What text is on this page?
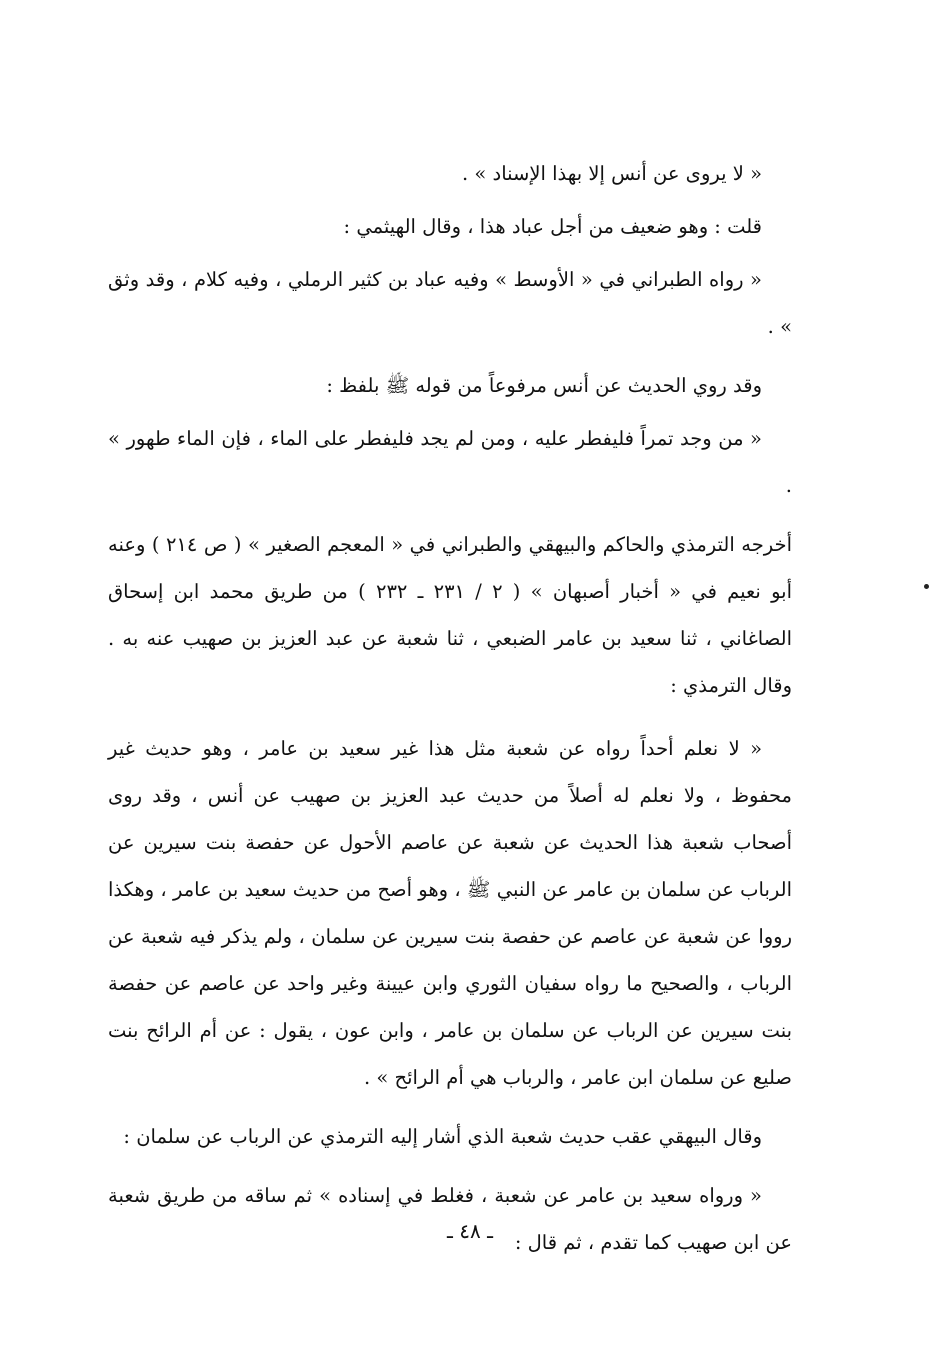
« لا يروى عن أنس إلا بهذا الإسناد » .

قلت : وهو ضعيف من أجل عباد هذا ، وقال الهيثمي :

« رواه الطبراني في « الأوسط » وفيه عباد بن كثير الرملي ، وفيه كلام ، وقد وثق » .

وقد روي الحديث عن أنس مرفوعاً من قوله ﷺ بلفظ :

« من وجد تمراً فليفطر عليه ، ومن لم يجد فليفطر على الماء ، فإن الماء طهور » .

أخرجه الترمذي والحاكم والبيهقي والطبراني في « المعجم الصغير » ( ص ٢١٤ ) وعنه أبو نعيم في « أخبار أصبهان » ( ٢ / ٢٣١ ـ ٢٣٢ ) من طريق محمد ابن إسحاق الصاغاني ، ثنا سعيد بن عامر الضبعي ، ثنا شعبة عن عبد العزيز بن صهيب عنه به . وقال الترمذي :

« لا نعلم أحداً رواه عن شعبة مثل هذا غير سعيد بن عامر ، وهو حديث غير محفوظ ، ولا نعلم له أصلاً من حديث عبد العزيز بن صهيب عن أنس ، وقد روى أصحاب شعبة هذا الحديث عن شعبة عن عاصم الأحول عن حفصة بنت سيرين عن الرباب عن سلمان بن عامر عن النبي ﷺ ، وهو أصح من حديث سعيد بن عامر ، وهكذا رووا عن شعبة عن عاصم عن حفصة بنت سيرين عن سلمان ، ولم يذكر فيه شعبة عن الرباب ، والصحيح ما رواه سفيان الثوري وابن عيينة وغير واحد عن عاصم عن حفصة بنت سيرين عن الرباب عن سلمان بن عامر ، وابن عون ، يقول : عن أم الرائح بنت صليع عن سلمان ابن عامر ، والرباب هي أم الرائح » .

وقال البيهقي عقب حديث شعبة الذي أشار إليه الترمذي عن الرباب عن سلمان :

« ورواه سعيد بن عامر عن شعبة ، فغلط في إسناده » ثم ساقه من طريق شعبة عن ابن صهيب كما تقدم ، ثم قال :

ـ ٤٨ ـ
